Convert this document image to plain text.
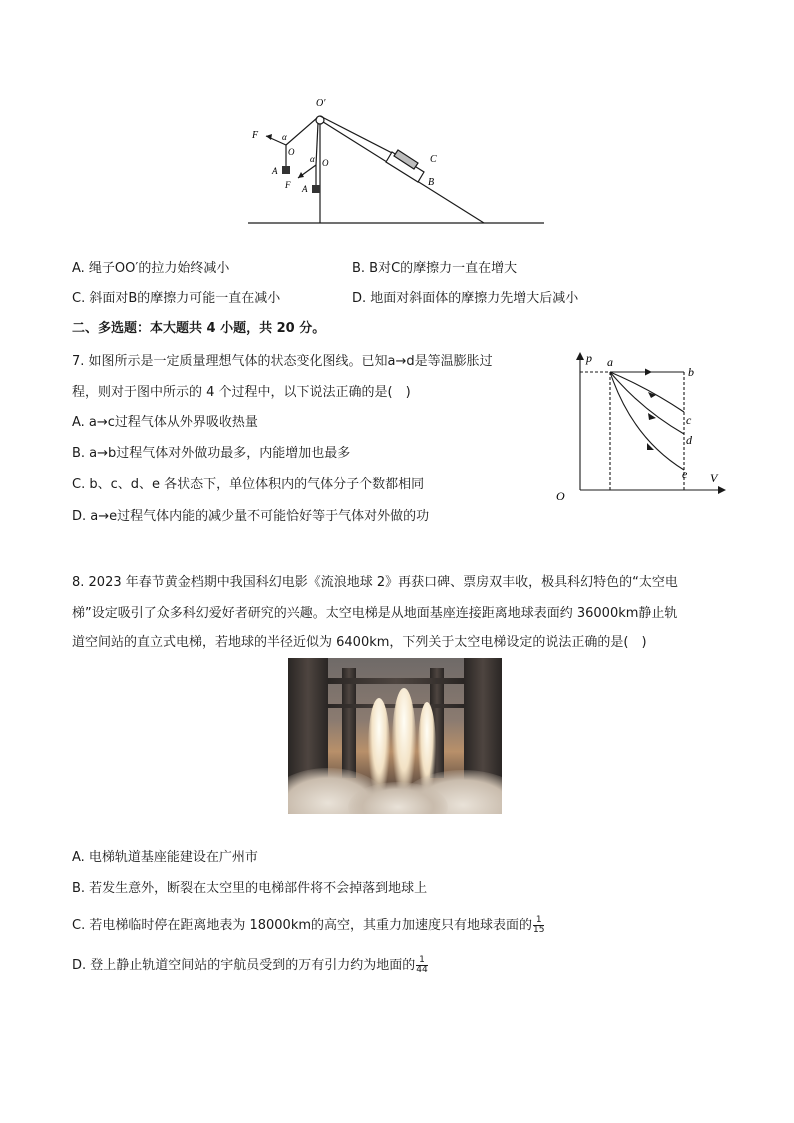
O′
F	α
O
A
F
α O
A
C
B
A. 绳子OO′的拉力始终减小	B. B对C的摩擦力一直在增大
C. 斜面对B的摩擦力可能一直在减小	D. 地面对斜面体的摩擦力先增大后减小
二、多选题：本大题共 4 小题，共 20 分。
7. 如图所示是一定质量理想气体的状态变化图线。已知a→d是等温膨胀过
程，则对于图中所示的 4 个过程中，以下说法正确的是(　)
A. a→c过程气体从外界吸收热量
B. a→b过程气体对外做功最多，内能增加也最多
C. b、c、d、e 各状态下，单位体积内的气体分子个数都相同
D. a→e过程气体内能的减少量不可能恰好等于气体对外做的功
p
V
O
a
b
c
d
e
8. 2023 年春节黄金档期中我国科幻电影《流浪地球 2》再获口碑、票房双丰收，极具科幻特色的“太空电
梯”设定吸引了众多科幻爱好者研究的兴趣。太空电梯是从地面基座连接距离地球表面约 36000km静止轨
道空间站的直立式电梯，若地球的半径近似为 6400km，下列关于太空电梯设定的说法正确的是(　)
A. 电梯轨道基座能建设在广州市
B. 若发生意外，断裂在太空里的电梯部件将不会掉落到地球上
C. 若电梯临时停在距离地表为 18000km的高空，其重力加速度只有地球表面的 $\frac{1}{15}$
D. 登上静止轨道空间站的宇航员受到的万有引力约为地面的 $\frac{1}{44}$
